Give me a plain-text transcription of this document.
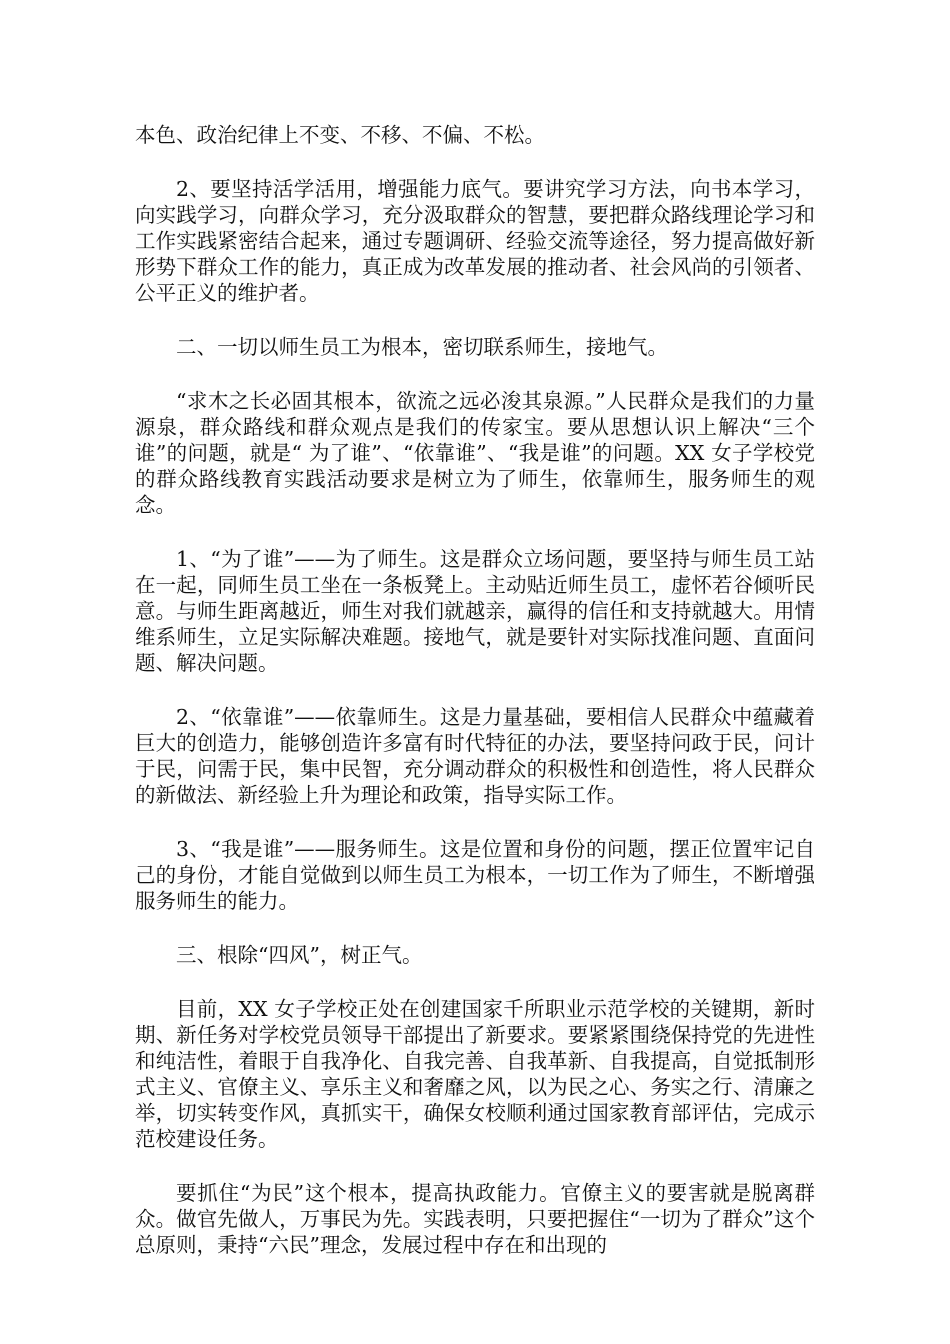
本色、政治纪律上不变、不移、不偏、不松。

2、要坚持活学活用，增强能力底气。要讲究学习方法，向书本学习，向实践学习，向群众学习，充分汲取群众的智慧，要把群众路线理论学习和工作实践紧密结合起来，通过专题调研、经验交流等途径，努力提高做好新形势下群众工作的能力，真正成为改革发展的推动者、社会风尚的引领者、公平正义的维护者。

二、一切以师生员工为根本，密切联系师生，接地气。

“求木之长必固其根本，欲流之远必浚其泉源。”人民群众是我们的力量源泉，群众路线和群众观点是我们的传家宝。要从思想认识上解决“三个谁”的问题，就是“ 为了谁”、“依靠谁”、“我是谁”的问题。XX 女子学校党的群众路线教育实践活动要求是树立为了师生，依靠师生，服务师生的观念。

1、“为了谁”——为了师生。这是群众立场问题，要坚持与师生员工站在一起，同师生员工坐在一条板凳上。主动贴近师生员工，虚怀若谷倾听民意。与师生距离越近，师生对我们就越亲，赢得的信任和支持就越大。用情维系师生，立足实际解决难题。接地气，就是要针对实际找准问题、直面问题、解决问题。

2、“依靠谁”——依靠师生。这是力量基础，要相信人民群众中蕴藏着巨大的创造力，能够创造许多富有时代特征的办法，要坚持问政于民，问计于民，问需于民，集中民智，充分调动群众的积极性和创造性，将人民群众的新做法、新经验上升为理论和政策，指导实际工作。

3、“我是谁”——服务师生。这是位置和身份的问题，摆正位置牢记自己的身份，才能自觉做到以师生员工为根本，一切工作为了师生，不断增强服务师生的能力。

三、根除“四风”，树正气。

目前，XX 女子学校正处在创建国家千所职业示范学校的关键期，新时期、新任务对学校党员领导干部提出了新要求。要紧紧围绕保持党的先进性和纯洁性，着眼于自我净化、自我完善、自我革新、自我提高，自觉抵制形式主义、官僚主义、享乐主义和奢靡之风，以为民之心、务实之行、清廉之举，切实转变作风，真抓实干，确保女校顺利通过国家教育部评估，完成示范校建设任务。

要抓住“为民”这个根本，提高执政能力。官僚主义的要害就是脱离群众。做官先做人，万事民为先。实践表明，只要把握住“一切为了群众”这个总原则，秉持“六民”理念，发展过程中存在和出现的
